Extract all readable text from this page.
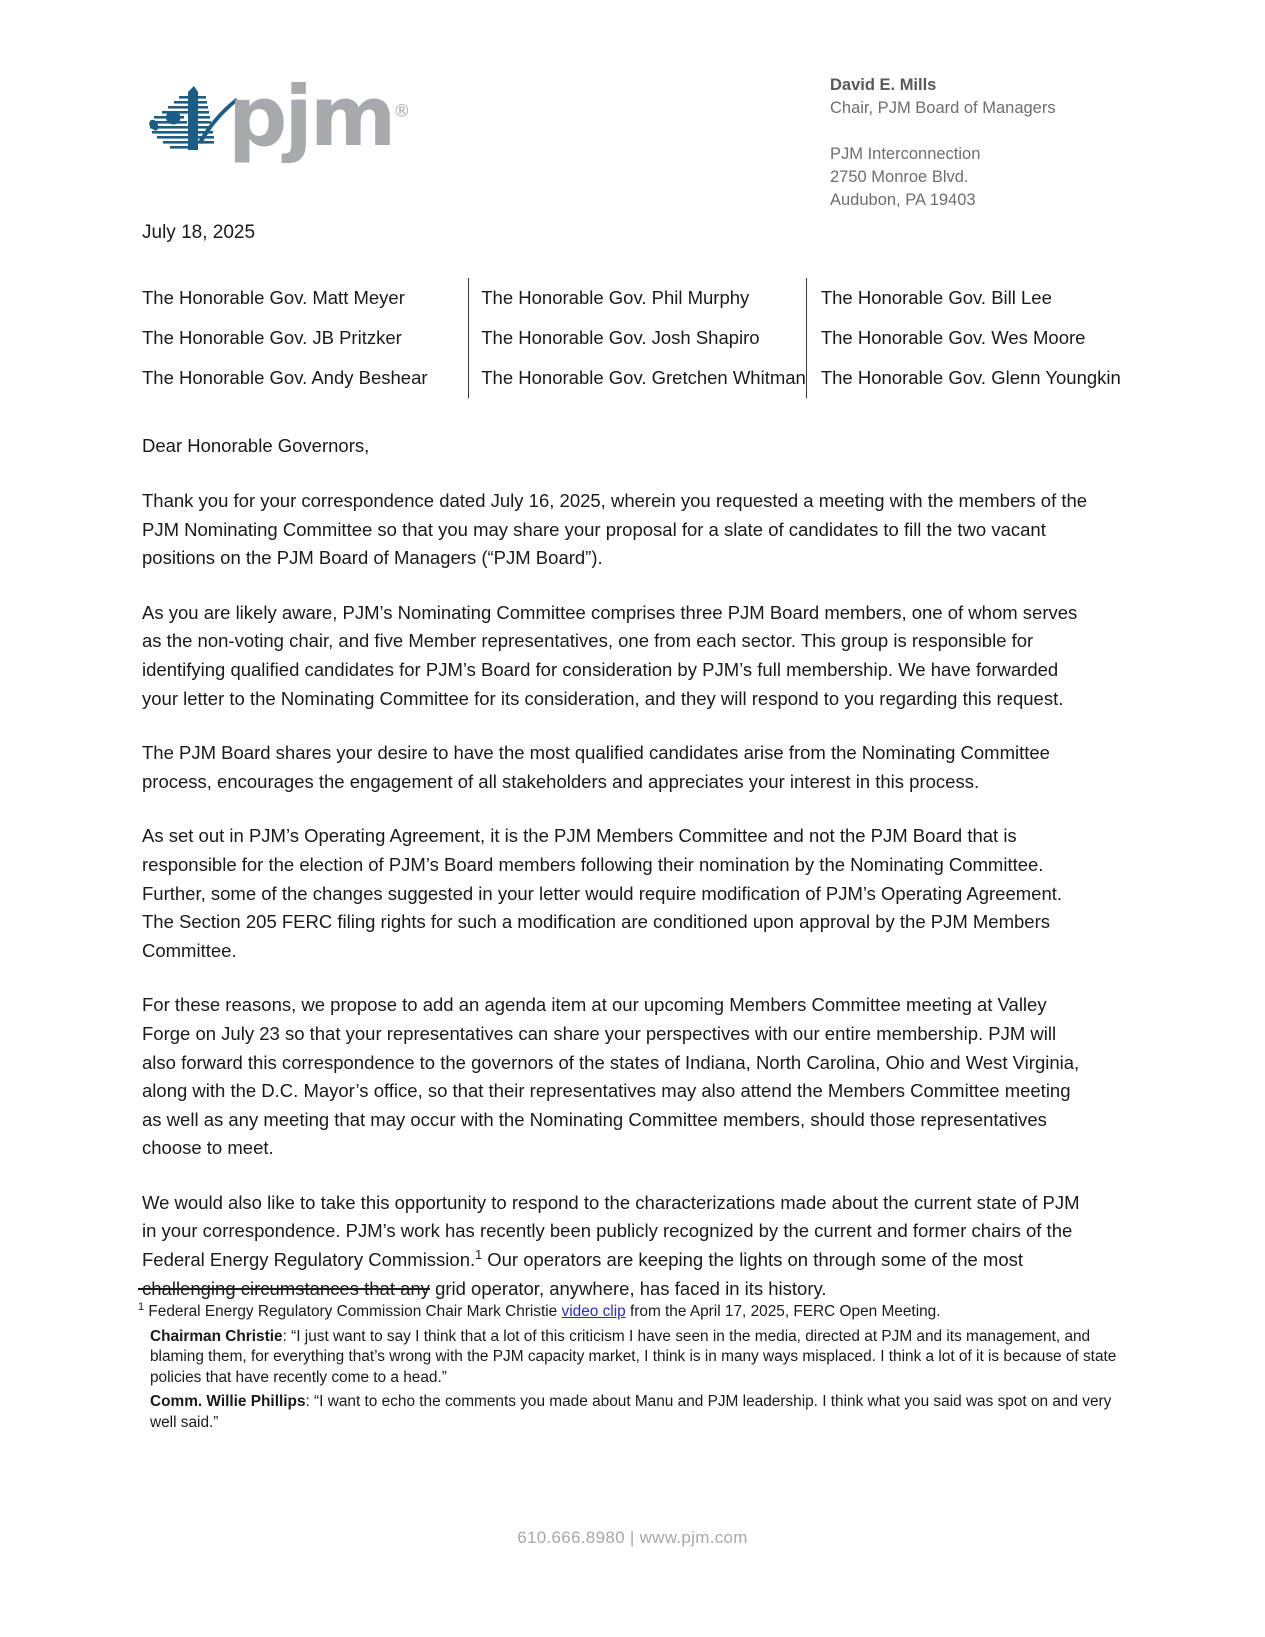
pjm®
David E. Mills
Chair, PJM Board of Managers
PJM Interconnection
2750 Monroe Blvd.
Audubon, PA 19403
July 18, 2025
The Honorable Gov. Matt Meyer
The Honorable Gov. JB Pritzker
The Honorable Gov. Andy Beshear
The Honorable Gov. Phil Murphy
The Honorable Gov. Josh Shapiro
The Honorable Gov. Gretchen Whitman
The Honorable Gov. Bill Lee
The Honorable Gov. Wes Moore
The Honorable Gov. Glenn Youngkin
Dear Honorable Governors,

Thank you for your correspondence dated July 16, 2025, wherein you requested a meeting with the members of the PJM Nominating Committee so that you may share your proposal for a slate of candidates to fill the two vacant positions on the PJM Board of Managers (“PJM Board”).

As you are likely aware, PJM’s Nominating Committee comprises three PJM Board members, one of whom serves as the non-voting chair, and five Member representatives, one from each sector. This group is responsible for identifying qualified candidates for PJM’s Board for consideration by PJM’s full membership. We have forwarded your letter to the Nominating Committee for its consideration, and they will respond to you regarding this request.

The PJM Board shares your desire to have the most qualified candidates arise from the Nominating Committee process, encourages the engagement of all stakeholders and appreciates your interest in this process.

As set out in PJM’s Operating Agreement, it is the PJM Members Committee and not the PJM Board that is responsible for the election of PJM’s Board members following their nomination by the Nominating Committee. Further, some of the changes suggested in your letter would require modification of PJM’s Operating Agreement. The Section 205 FERC filing rights for such a modification are conditioned upon approval by the PJM Members Committee.

For these reasons, we propose to add an agenda item at our upcoming Members Committee meeting at Valley Forge on July 23 so that your representatives can share your perspectives with our entire membership. PJM will also forward this correspondence to the governors of the states of Indiana, North Carolina, Ohio and West Virginia, along with the D.C. Mayor’s office, so that their representatives may also attend the Members Committee meeting as well as any meeting that may occur with the Nominating Committee members, should those representatives choose to meet.

We would also like to take this opportunity to respond to the characterizations made about the current state of PJM in your correspondence. PJM’s work has recently been publicly recognized by the current and former chairs of the Federal Energy Regulatory Commission.$^1$ Our operators are keeping the lights on through some of the most challenging circumstances that any grid operator, anywhere, has faced in its history.

$^1$ Federal Energy Regulatory Commission Chair Mark Christie video clip from the April 17, 2025, FERC Open Meeting.

Chairman Christie: “I just want to say I think that a lot of this criticism I have seen in the media, directed at PJM and its management, and blaming them, for everything that’s wrong with the PJM capacity market, I think is in many ways misplaced. I think a lot of it is because of state policies that have recently come to a head.”

Comm. Willie Phillips: “I want to echo the comments you made about Manu and PJM leadership. I think what you said was spot on and very well said.”

610.666.8980 | www.pjm.com
